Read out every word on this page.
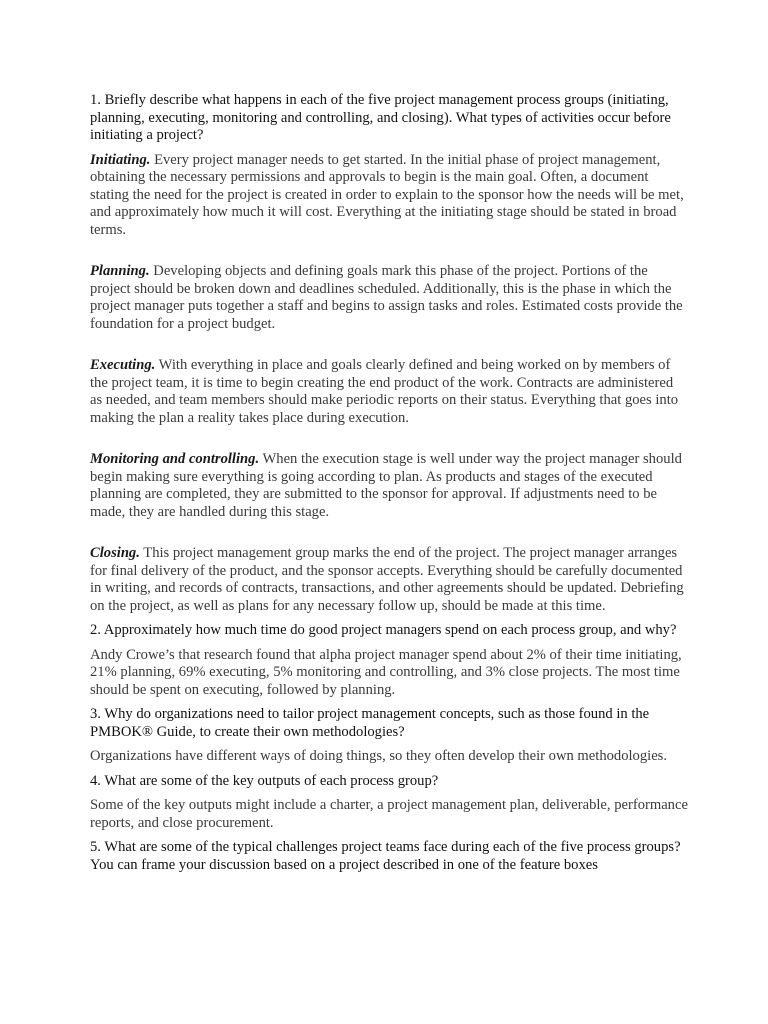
1. Briefly describe what happens in each of the five project management process groups (initiating, planning, executing, monitoring and controlling, and closing). What types of activities occur before initiating a project?

Initiating. Every project manager needs to get started. In the initial phase of project management, obtaining the necessary permissions and approvals to begin is the main goal. Often, a document stating the need for the project is created in order to explain to the sponsor how the needs will be met, and approximately how much it will cost. Everything at the initiating stage should be stated in broad terms.

Planning. Developing objects and defining goals mark this phase of the project. Portions of the project should be broken down and deadlines scheduled. Additionally, this is the phase in which the project manager puts together a staff and begins to assign tasks and roles. Estimated costs provide the foundation for a project budget.

Executing. With everything in place and goals clearly defined and being worked on by members of the project team, it is time to begin creating the end product of the work. Contracts are administered as needed, and team members should make periodic reports on their status. Everything that goes into making the plan a reality takes place during execution.

Monitoring and controlling. When the execution stage is well under way the project manager should begin making sure everything is going according to plan. As products and stages of the executed planning are completed, they are submitted to the sponsor for approval. If adjustments need to be made, they are handled during this stage.

Closing. This project management group marks the end of the project. The project manager arranges for final delivery of the product, and the sponsor accepts. Everything should be carefully documented in writing, and records of contracts, transactions, and other agreements should be updated. Debriefing on the project, as well as plans for any necessary follow up, should be made at this time.

2. Approximately how much time do good project managers spend on each process group, and why?

Andy Crowe’s that research found that alpha project manager spend about 2% of their time initiating, 21% planning, 69% executing, 5% monitoring and controlling, and 3% close projects. The most time should be spent on executing, followed by planning.

3. Why do organizations need to tailor project management concepts, such as those found in the PMBOK® Guide, to create their own methodologies?

Organizations have different ways of doing things, so they often develop their own methodologies.

4. What are some of the key outputs of each process group?

Some of the key outputs might include a charter, a project management plan, deliverable, performance reports, and close procurement.

5. What are some of the typical challenges project teams face during each of the five process groups? You can frame your discussion based on a project described in one of the feature boxes
